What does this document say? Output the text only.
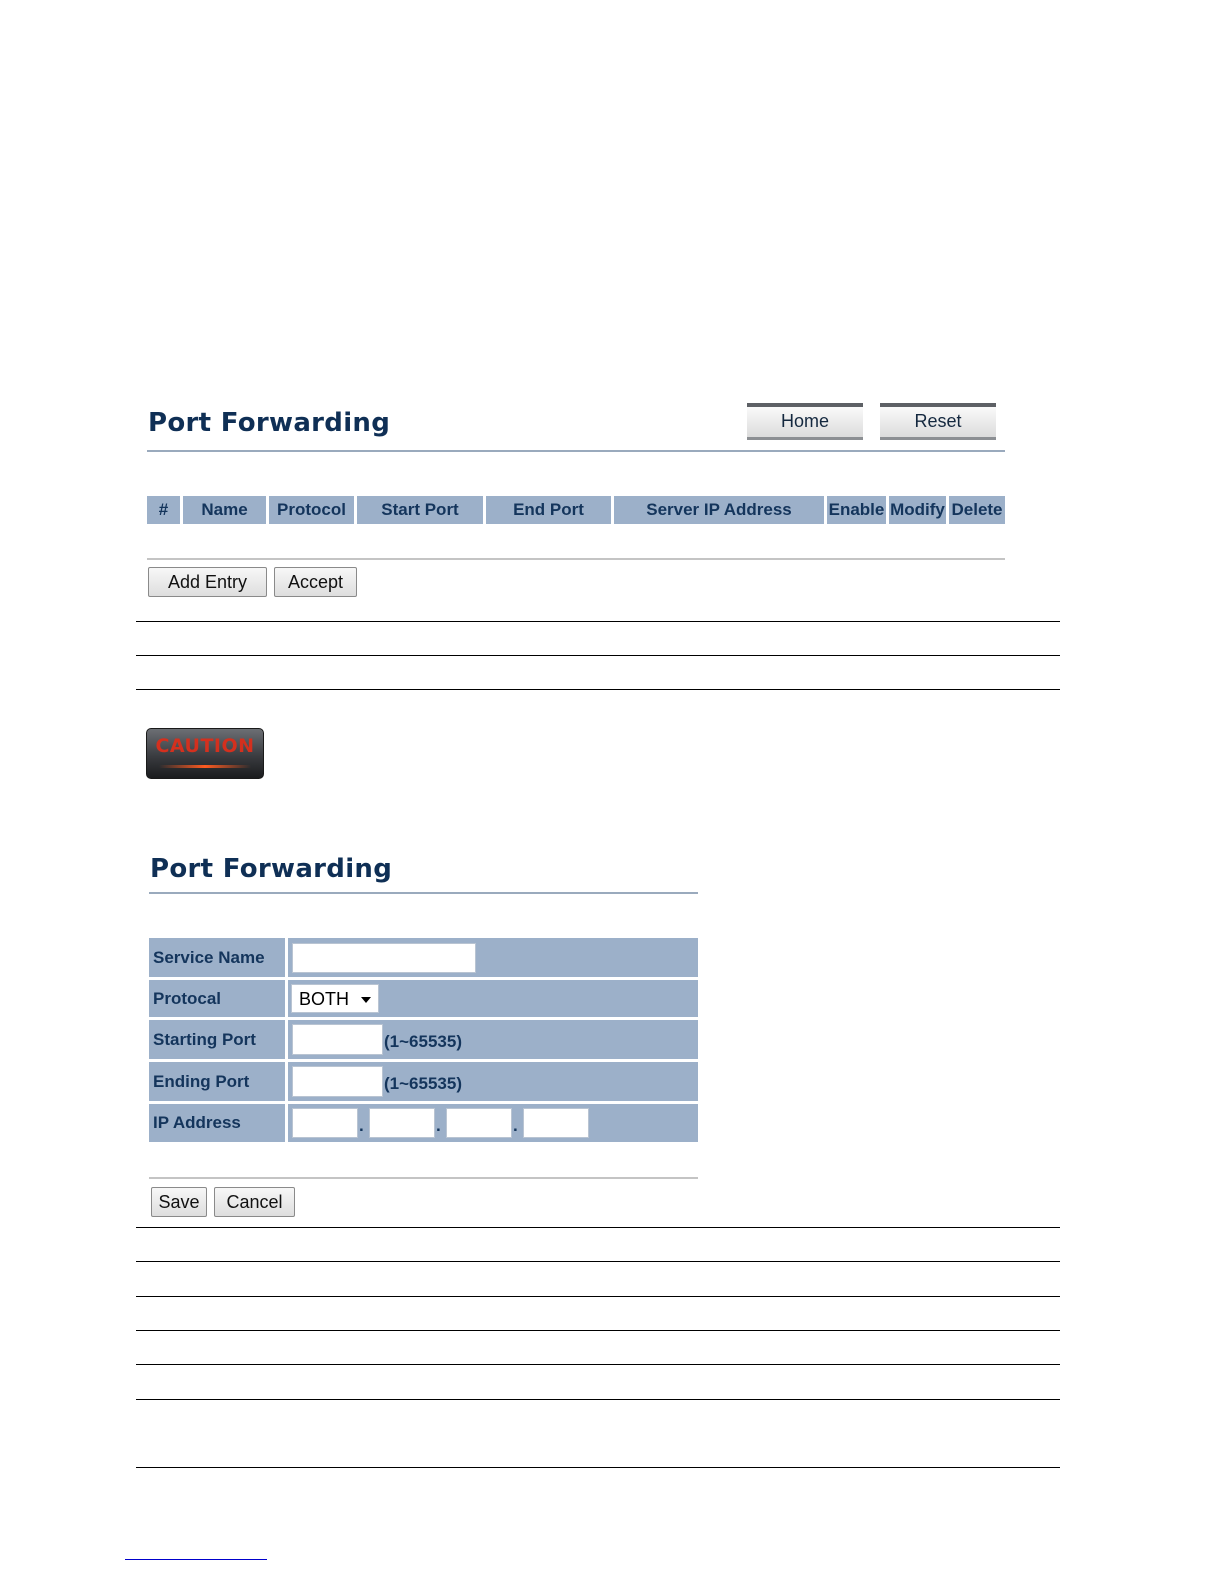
Port Forwarding	Home	Reset
#	Name	Protocol	Start Port	End Port	Server IP Address	Enable Modify Delete
Add Entry	Accept
CAUTION
Port Forwarding
Service Name
Protocal	BOTH
Starting Port	(1~65535)
Ending Port	(1~65535)
IP Address	.	.	.
Save	Cancel
